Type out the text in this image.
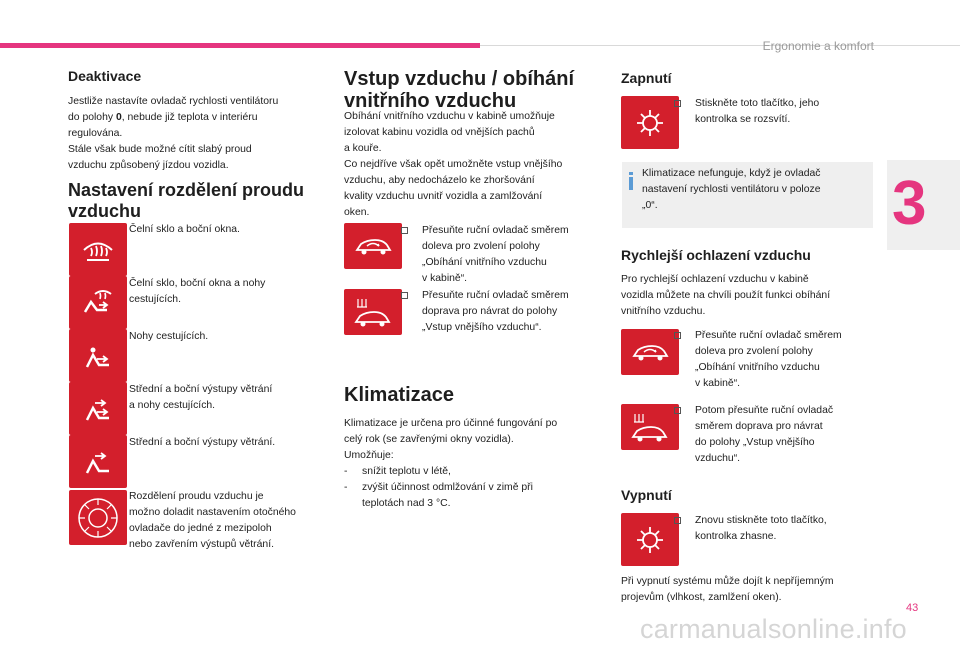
Ergonomie a komfort
3
Deaktivace
Jestliže nastavíte ovladač rychlosti ventilátoru
do polohy 0, nebude již teplota v interiéru
regulována.
Stále však bude možné cítit slabý proud
vzduchu způsobený jízdou vozidla.
Nastavení rozdělení proudu
vzduchu
Čelní sklo a boční okna.
Čelní sklo, boční okna a nohy
cestujících.
Nohy cestujících.
Střední a boční výstupy větrání
a nohy cestujících.
Střední a boční výstupy větrání.
Rozdělení proudu vzduchu je
možno doladit nastavením otočného
ovladače do jedné z mezipoloh
nebo zavřením výstupů větrání.
Vstup vzduchu / obíhání
vnitřního vzduchu
Obíhání vnitřního vzduchu v kabině umožňuje
izolovat kabinu vozidla od vnějších pachů
a kouře.
Co nejdříve však opět umožněte vstup vnějšího
vzduchu, aby nedocházelo ke zhoršování
kvality vzduchu uvnitř vozidla a zamlžování
oken.
Přesuňte ruční ovladač směrem
doleva pro zvolení polohy
„Obíhání vnitřního vzduchu
v kabině“.
Přesuňte ruční ovladač směrem
doprava pro návrat do polohy
„Vstup vnějšího vzduchu“.
Klimatizace
Klimatizace je určena pro účinné fungování po
celý rok (se zavřenými okny vozidla).
Umožňuje:
- snížit teplotu v létě,
- zvýšit účinnost odmlžování v zimě při
teplotách nad 3 °C.
Zapnutí
Stiskněte toto tlačítko, jeho
kontrolka se rozsvítí.
Klimatizace nefunguje, když je ovladač
nastavení rychlosti ventilátoru v poloze
„0“.
Rychlejší ochlazení vzduchu
Pro rychlejší ochlazení vzduchu v kabině
vozidla můžete na chvíli použít funkci obíhání
vnitřního vzduchu.
Přesuňte ruční ovladač směrem
doleva pro zvolení polohy
„Obíhání vnitřního vzduchu
v kabině“.
Potom přesuňte ruční ovladač
směrem doprava pro návrat
do polohy „Vstup vnějšího
vzduchu“.
Vypnutí
Znovu stiskněte toto tlačítko,
kontrolka zhasne.
Při vypnutí systému může dojít k nepříjemným
projevům (vlhkost, zamlžení oken).
43
carmanualsonline.info
